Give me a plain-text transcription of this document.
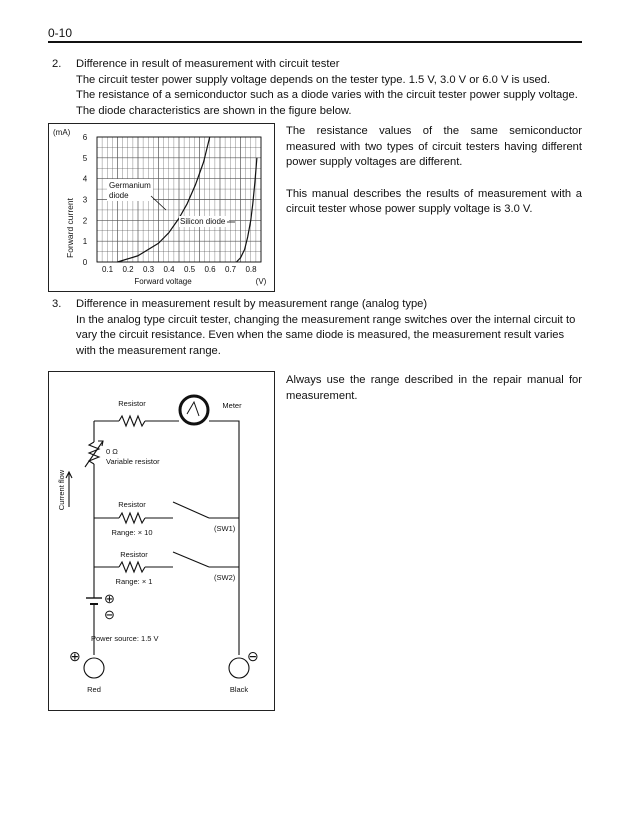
0-10
2. Difference in result of measurement with circuit tester
The circuit tester power supply voltage depends on the tester type. 1.5 V, 3.0 V or 6.0 V is used.
The resistance of a semiconductor such as a diode varies with the circuit tester power supply voltage.
The diode characteristics are shown in the figure below.
0.1 0.2 0.3 0.4 0.5 0.6 0.7 0.8
0
1
2
3
4
5
6
(mA)
Forward current
Forward voltage	(V)
Germanium
diode
Silicon diode

The resistance values of the same semiconductor measured with two types of circuit testers having different power supply voltages are different.

This manual describes the results of measurement with a circuit tester whose power supply voltage is 3.0 V.

3. Difference in measurement result by measurement range (analog type)
In the analog type circuit tester, changing the measurement range switches over the internal circuit to vary the circuit resistance. Even when the same diode is measured, the measurement result varies with the measurement range.
Resistor	Meter
0 Ω
Variable resistor
Current flow	Resistor
Range: × 10	(SW1)
Resistor
Range: × 1	(SW2)
⊕
⊖
Power source: 1.5 V
⊕	⊖
Red	Black

Always use the range described in the repair manual for measurement.
